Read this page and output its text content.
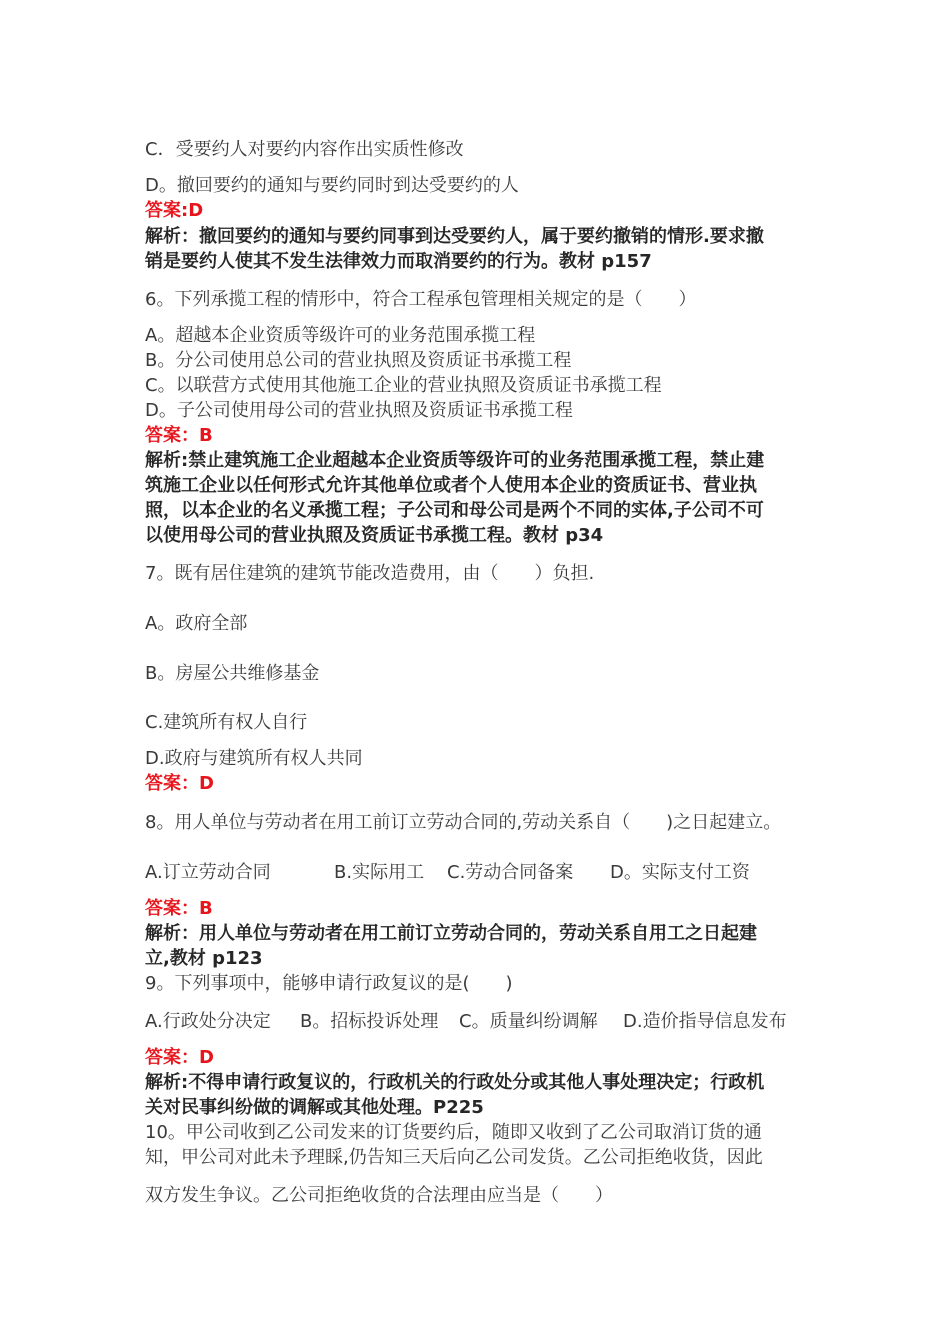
C．受要约人对要约内容作出实质性修改
D。撤回要约的通知与要约同时到达受要约的人
答案:D
解析：撤回要约的通知与要约同事到达受要约人，属于要约撤销的情形.要求撤
销是要约人使其不发生法律效力而取消要约的行为。教材 p157
6。下列承揽工程的情形中，符合工程承包管理相关规定的是（　　）
A。超越本企业资质等级许可的业务范围承揽工程
B。分公司使用总公司的营业执照及资质证书承揽工程
C。以联营方式使用其他施工企业的营业执照及资质证书承揽工程
D。子公司使用母公司的营业执照及资质证书承揽工程
答案：B
解析:禁止建筑施工企业超越本企业资质等级许可的业务范围承揽工程，禁止建
筑施工企业以任何形式允许其他单位或者个人使用本企业的资质证书、营业执
照，以本企业的名义承揽工程；子公司和母公司是两个不同的实体,子公司不可
以使用母公司的营业执照及资质证书承揽工程。教材 p34
7。既有居住建筑的建筑节能改造费用，由（　　）负担.
A。政府全部
B。房屋公共维修基金
C.建筑所有权人自行
D.政府与建筑所有权人共同
答案：D
8。用人单位与劳动者在用工前订立劳动合同的,劳动关系自（　　)之日起建立。
A.订立劳动合同	B.实际用工 C.劳动合同备案 D。实际支付工资
答案：B
解析：用人单位与劳动者在用工前订立劳动合同的，劳动关系自用工之日起建
立,教材 p123
9。下列事项中，能够申请行政复议的是(　　)
A.行政处分决定 B。招标投诉处理 C。质量纠纷调解 D.造价指导信息发布
答案：D
解析:不得申请行政复议的，行政机关的行政处分或其他人事处理决定；行政机
关对民事纠纷做的调解或其他处理。P225
10。甲公司收到乙公司发来的订货要约后，随即又收到了乙公司取消订货的通
知，甲公司对此未予理睬,仍告知三天后向乙公司发货。乙公司拒绝收货，因此
双方发生争议。乙公司拒绝收货的合法理由应当是（　　）
